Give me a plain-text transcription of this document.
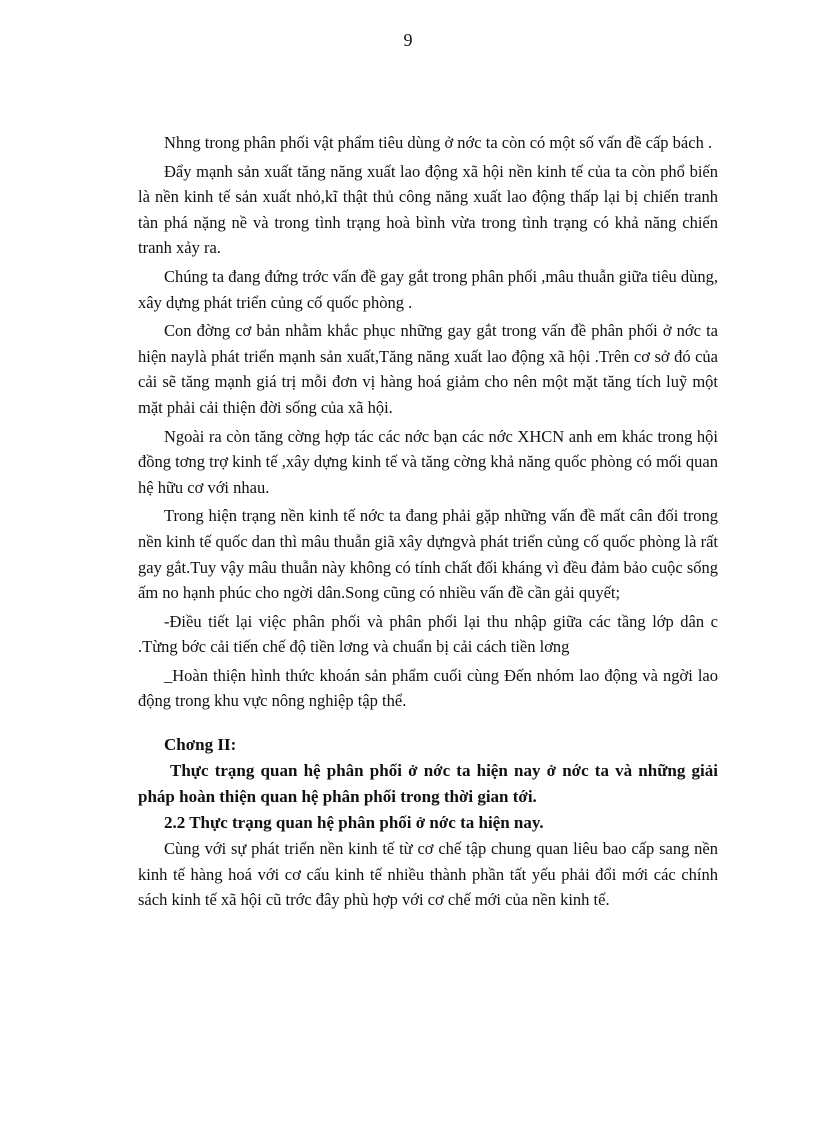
9

Nhng trong phân phối vật phẩm tiêu dùng ở nớc ta còn có một số vấn đề cấp bách .

Đẩy mạnh sản xuất tăng năng xuất lao động xã hội nền kinh tế của ta còn phổ biến là nền kinh tế sản xuất nhỏ,kĩ thật thủ công năng xuất lao động thấp lại bị chiến tranh tàn phá nặng nề và trong tình trạng hoà bình vừa trong tình trạng có khả năng chiến tranh xảy ra.

Chúng ta đang đứng trớc vấn đề gay gắt trong phân phối ,mâu thuẫn giữa tiêu dùng, xây dựng phát triển củng cố quốc phòng .

Con đờng cơ bản nhằm khắc phục những gay gắt trong vấn đề phân phối ở nớc ta hiện naylà phát triển mạnh sản xuất,Tăng năng xuất lao động xã hội .Trên cơ sở đó của cải sẽ tăng mạnh giá trị mỗi đơn vị hàng hoá giảm cho nên một mặt tăng tích luỹ một mặt phải cải thiện đời sống của xã hội.

Ngoài ra còn tăng cờng hợp tác các nớc bạn các nớc XHCN anh em khác trong hội đồng tơng trợ kinh tế ,xây dựng kinh tế và tăng cờng khả năng quốc phòng có mối quan hệ hữu cơ với nhau.

Trong hiện trạng nền kinh tế nớc ta đang phải gặp những vấn đề mất cân đối trong nền kinh tế quốc dan thì mâu thuẫn giã xây dựngvà phát triển củng cố quốc phòng là rất gay gắt.Tuy vậy mâu thuẫn này không có tính chất đối kháng vì đều đảm bảo cuộc sống ấm no hạnh phúc cho ngời dân.Song cũng có nhiều vấn đề cần gải quyết;

-Điều tiết lại việc phân phối và phân phối lại thu nhập giữa các tầng lớp dân c .Từng bớc cải tiến chế độ tiền lơng và chuẩn bị cải cách tiền lơng

_Hoàn thiện hình thức khoán sản phẩm cuối cùng Đến nhóm lao động và ngời lao động trong khu vực nông nghiệp tập thể.

Chơng II:

Thực trạng quan hệ phân phối ở nớc ta hiện nay ở nớc ta và những giải pháp hoàn thiện quan hệ phân phối trong thời gian tới.

2.2 Thực trạng quan hệ phân phối ở nớc ta hiện nay.

Cùng với sự phát triển nền kinh tế từ cơ chế tập chung quan liêu bao cấp sang nền kinh tế hàng hoá với cơ cấu kinh tế nhiều thành phần tất yếu phải đổi mới các chính sách kinh tế xã hội cũ trớc đây phù hợp với cơ chế mới của nền kinh tế.
